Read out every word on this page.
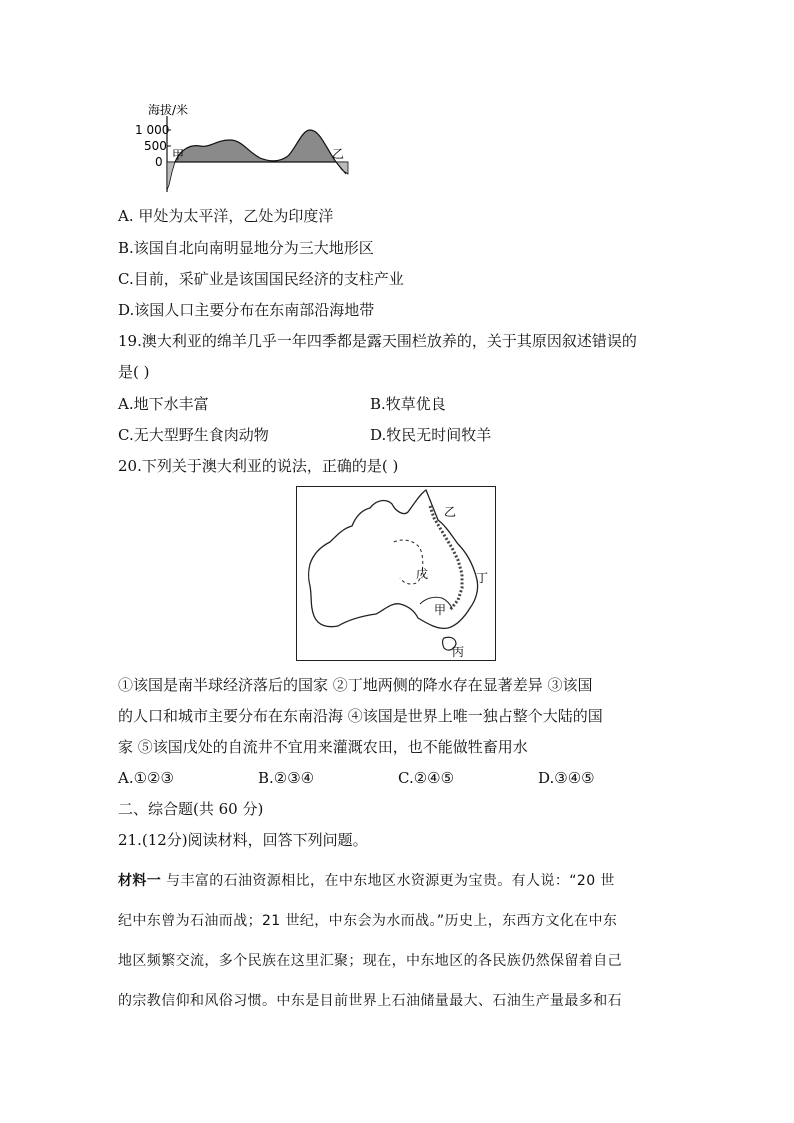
海拔/米
1 000
500
0 甲	乙
A. 甲处为太平洋，乙处为印度洋
B.该国自北向南明显地分为三大地形区
C.目前，采矿业是该国国民经济的支柱产业
D.该国人口主要分布在东南部沿海地带
19.澳大利亚的绵羊几乎一年四季都是露天围栏放养的，关于其原因叙述错误的
是( )
A.地下水丰富	B.牧草优良
C.无大型野生食肉动物	D.牧民无时间牧羊
20.下列关于澳大利亚的说法，正确的是( )
乙
戊	丁
甲
丙
①该国是南半球经济落后的国家 ②丁地两侧的降水存在显著差异 ③该国
的人口和城市主要分布在东南沿海 ④该国是世界上唯一独占整个大陆的国
家 ⑤该国戊处的自流井不宜用来灌溉农田，也不能做牲畜用水
A.①②③	B.②③④	C.②④⑤	D.③④⑤
二、综合题(共 60 分)
21.(12分)阅读材料，回答下列问题。
材料一 与丰富的石油资源相比，在中东地区水资源更为宝贵。有人说：“20 世
纪中东曾为石油而战；21 世纪，中东会为水而战。”历史上，东西方文化在中东
地区频繁交流，多个民族在这里汇聚；现在，中东地区的各民族仍然保留着自己
的宗教信仰和风俗习惯。中东是目前世界上石油储量最大、石油生产量最多和石
